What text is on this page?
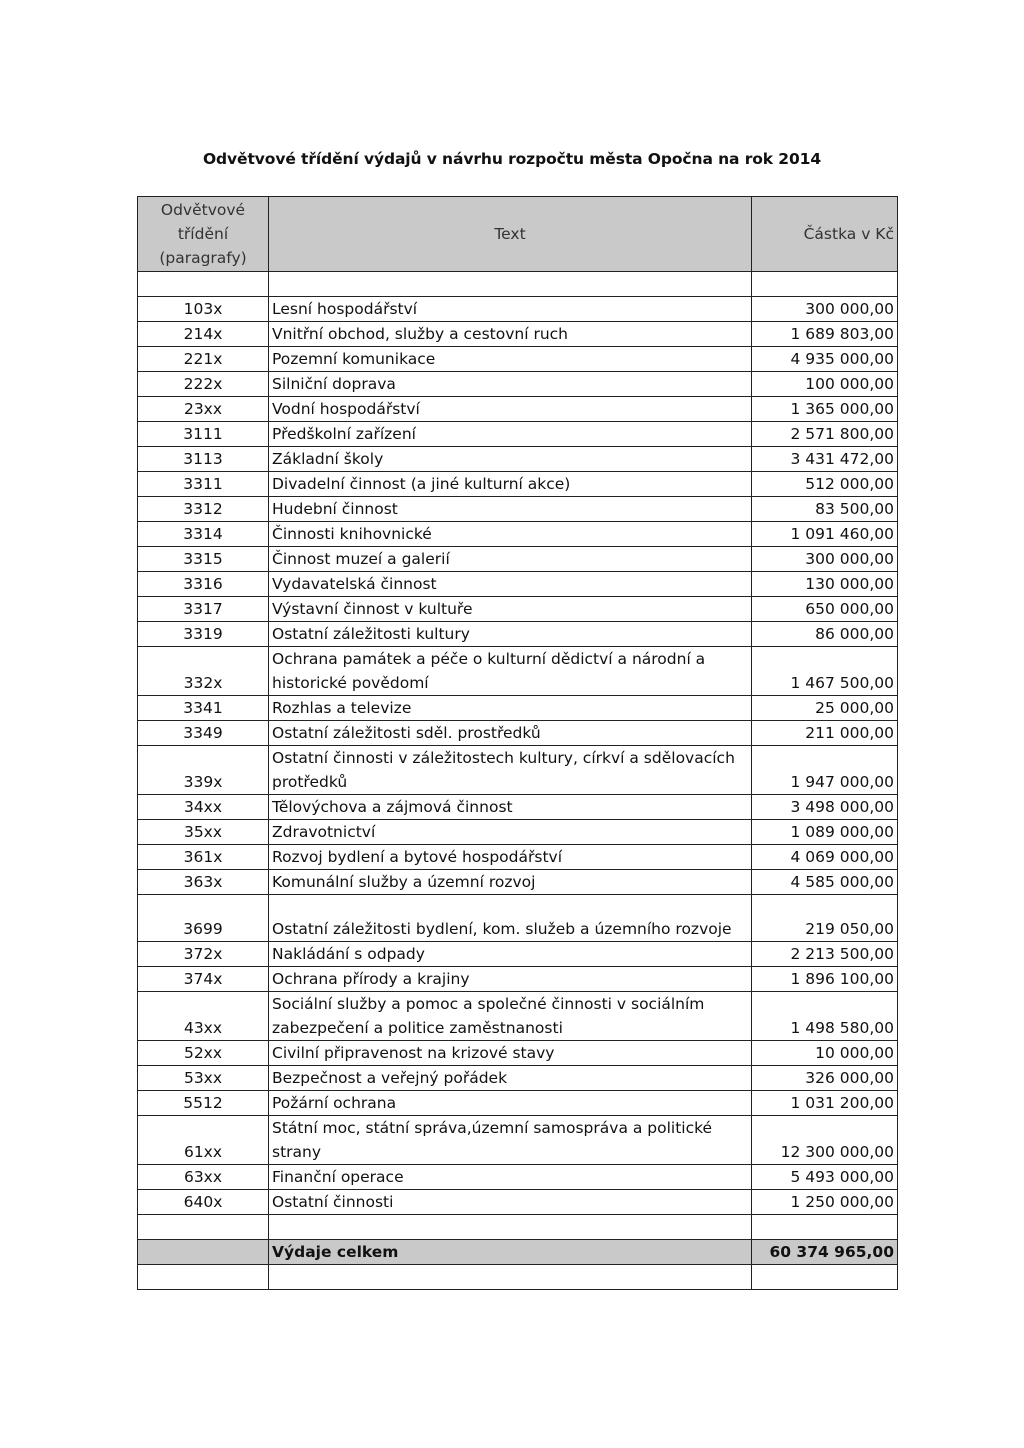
Odvětvové třídění výdajů v návrhu rozpočtu města Opočna na rok 2014
Odvětvové třídění (paragrafy)	Text	Částka v Kč

103x	Lesní hospodářství	300 000,00
214x	Vnitřní obchod, služby a cestovní ruch	1 689 803,00
221x	Pozemní komunikace	4 935 000,00
222x	Silniční doprava	100 000,00
23xx	Vodní hospodářství	1 365 000,00
3111	Předškolní zařízení	2 571 800,00
3113	Základní školy	3 431 472,00
3311	Divadelní činnost (a jiné kulturní akce)	512 000,00
3312	Hudební činnost	83 500,00
3314	Činnosti knihovnické	1 091 460,00
3315	Činnost muzeí a galerií	300 000,00
3316	Vydavatelská činnost	130 000,00
3317	Výstavní činnost v kultuře	650 000,00
3319	Ostatní záležitosti kultury	86 000,00
332x	Ochrana památek a péče o kulturní dědictví a národní a historické povědomí	1 467 500,00
3341	Rozhlas a televize	25 000,00
3349	Ostatní záležitosti sděl. prostředků	211 000,00
339x	Ostatní činnosti v záležitostech kultury, církví a sdělovacích protředků	1 947 000,00
34xx	Tělovýchova a zájmová činnost	3 498 000,00
35xx	Zdravotnictví	1 089 000,00
361x	Rozvoj bydlení a bytové hospodářství	4 069 000,00
363x	Komunální služby a územní rozvoj	4 585 000,00
3699	Ostatní záležitosti bydlení, kom. služeb a územního rozvoje	219 050,00
372x	Nakládání s odpady	2 213 500,00
374x	Ochrana přírody a krajiny	1 896 100,00
43xx	Sociální služby a pomoc a společné činnosti v sociálním zabezpečení a politice zaměstnanosti	1 498 580,00
52xx	Civilní připravenost na krizové stavy	10 000,00
53xx	Bezpečnost a veřejný pořádek	326 000,00
5512	Požární ochrana	1 031 200,00
61xx	Státní moc, státní správa,územní samospráva a politické strany	12 300 000,00
63xx	Finanční operace	5 493 000,00
640x	Ostatní činnosti	1 250 000,00

	Výdaje celkem	60 374 965,00
